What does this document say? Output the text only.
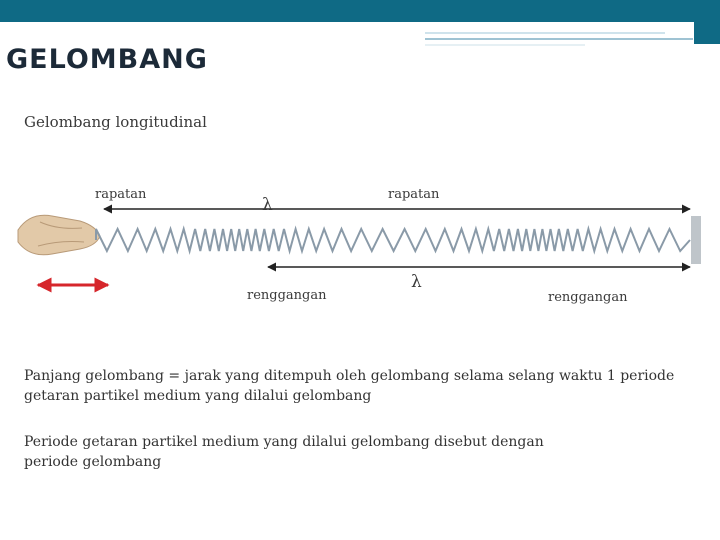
GELOMBANG
Gelombang longitudinal
rapatan	rapatan
λ
λ
renggangan	renggangan
Panjang gelombang = jarak yang ditempuh oleh gelombang selama selang waktu 1 periode
getaran partikel medium yang dilalui gelombang
Periode getaran partikel medium yang dilalui gelombang disebut dengan
periode gelombang
